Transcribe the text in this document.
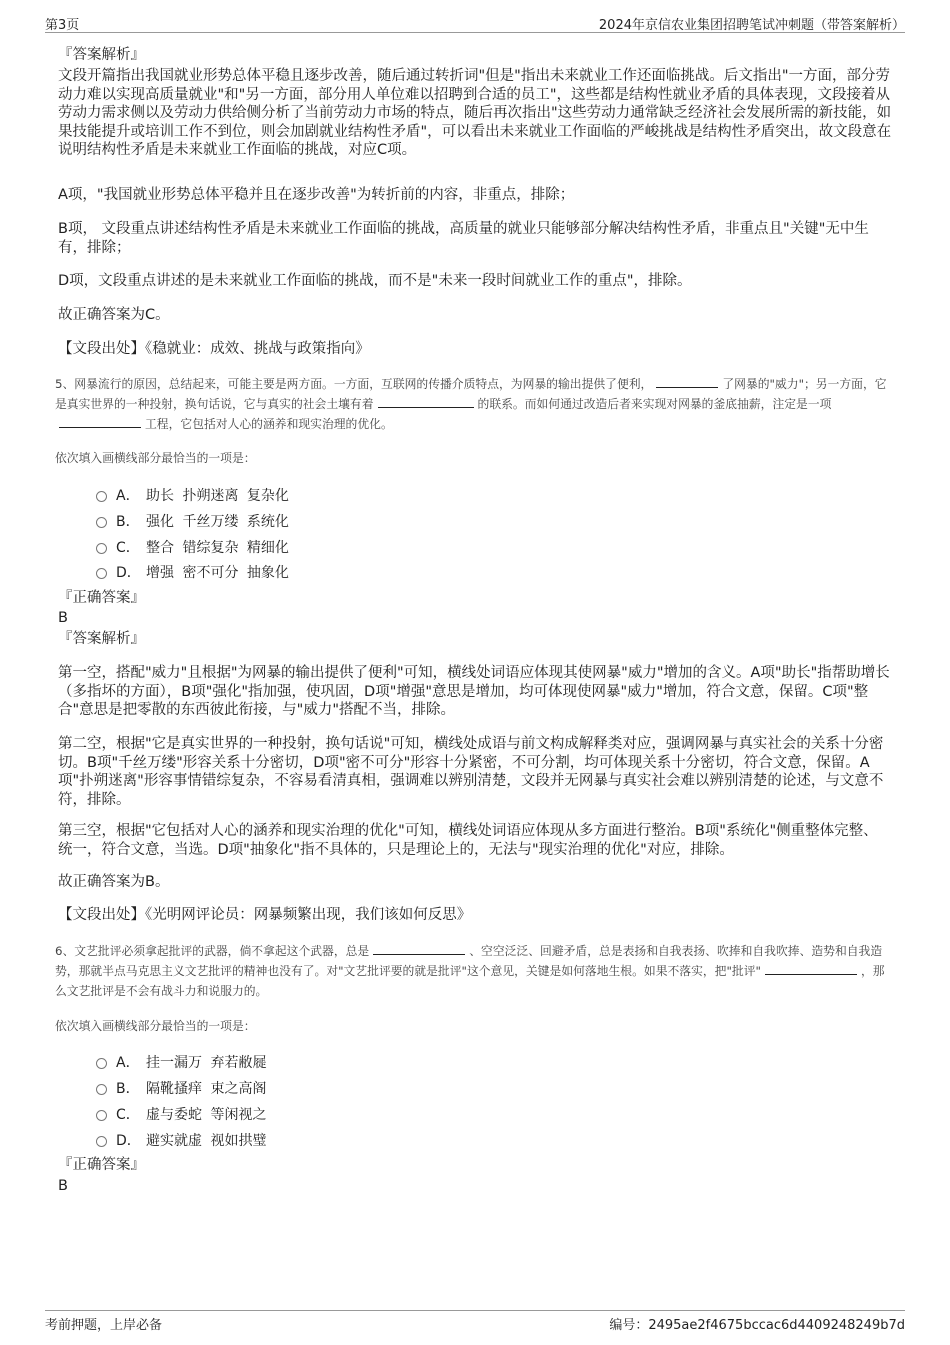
第3页	2024年京信农业集团招聘笔试冲刺题（带答案解析）
『答案解析』
文段开篇指出我国就业形势总体平稳且逐步改善，随后通过转折词"但是"指出未来就业工作还面临挑战。后文指出"一方面，部分劳动力难以实现高质量就业"和"另一方面，部分用人单位难以招聘到合适的员工"，这些都是结构性就业矛盾的具体表现，文段接着从劳动力需求侧以及劳动力供给侧分析了当前劳动力市场的特点，随后再次指出"这些劳动力通常缺乏经济社会发展所需的新技能，如果技能提升或培训工作不到位，则会加剧就业结构性矛盾"，可以看出未来就业工作面临的严峻挑战是结构性矛盾突出，故文段意在说明结构性矛盾是未来就业工作面临的挑战，对应C项。
A项，"我国就业形势总体平稳并且在逐步改善"为转折前的内容，非重点，排除；
B项， 文段重点讲述结构性矛盾是未来就业工作面临的挑战，高质量的就业只能够部分解决结构性矛盾，非重点且"关键"无中生有，排除；
D项，文段重点讲述的是未来就业工作面临的挑战，而不是"未来一段时间就业工作的重点"，排除。
故正确答案为C。
【文段出处】《稳就业：成效、挑战与政策指向》
5、网暴流行的原因，总结起来，可能主要是两方面。一方面，互联网的传播介质特点，为网暴的输出提供了便利，	了网暴的"威力"；另一方面，它是真实世界的一种投射，换句话说，它与真实的社会土壤有着	的联系。而如何通过改造后者来实现对网暴的釜底抽薪，注定是一项工程，它包括对人心的涵养和现实治理的优化。
依次填入画横线部分最恰当的一项是：
A． 助长 扑朔迷离 复杂化
B． 强化 千丝万缕 系统化
C． 整合 错综复杂 精细化
D． 增强 密不可分 抽象化
『正确答案』
B
『答案解析』
第一空，搭配"威力"且根据"为网暴的输出提供了便利"可知，横线处词语应体现其使网暴"威力"增加的含义。A项"助长"指帮助增长（多指坏的方面），B项"强化"指加强，使巩固，D项"增强"意思是增加，均可体现使网暴"威力"增加，符合文意，保留。C项"整合"意思是把零散的东西彼此衔接，与"威力"搭配不当，排除。
第二空，根据"它是真实世界的一种投射，换句话说"可知，横线处成语与前文构成解释类对应，强调网暴与真实社会的关系十分密切。B项"千丝万缕"形容关系十分密切，D项"密不可分"形容十分紧密，不可分割，均可体现关系十分密切，符合文意，保留。A项"扑朔迷离"形容事情错综复杂，不容易看清真相，强调难以辨别清楚，文段并无网暴与真实社会难以辨别清楚的论述，与文意不符，排除。
第三空，根据"它包括对人心的涵养和现实治理的优化"可知，横线处词语应体现从多方面进行整治。B项"系统化"侧重整体完整、统一，符合文意，当选。D项"抽象化"指不具体的，只是理论上的，无法与"现实治理的优化"对应，排除。
故正确答案为B。
【文段出处】《光明网评论员：网暴频繁出现，我们该如何反思》
6、文艺批评必须拿起批评的武器，倘不拿起这个武器，总是	、空空泛泛、回避矛盾，总是表扬和自我表扬、吹捧和自我吹捧、造势和自我造势，那就半点马克思主义文艺批评的精神也没有了。对"文艺批评要的就是批评"这个意见，关键是如何落地生根。如果不落实，把"批评"	，那么文艺批评是不会有战斗力和说服力的。
依次填入画横线部分最恰当的一项是：
A． 挂一漏万 弃若敝屣
B． 隔靴搔痒 束之高阁
C． 虚与委蛇 等闲视之
D． 避实就虚 视如拱璧
『正确答案』
B
考前押题，上岸必备	编号：2495ae2f4675bccac6d4409248249b7d
